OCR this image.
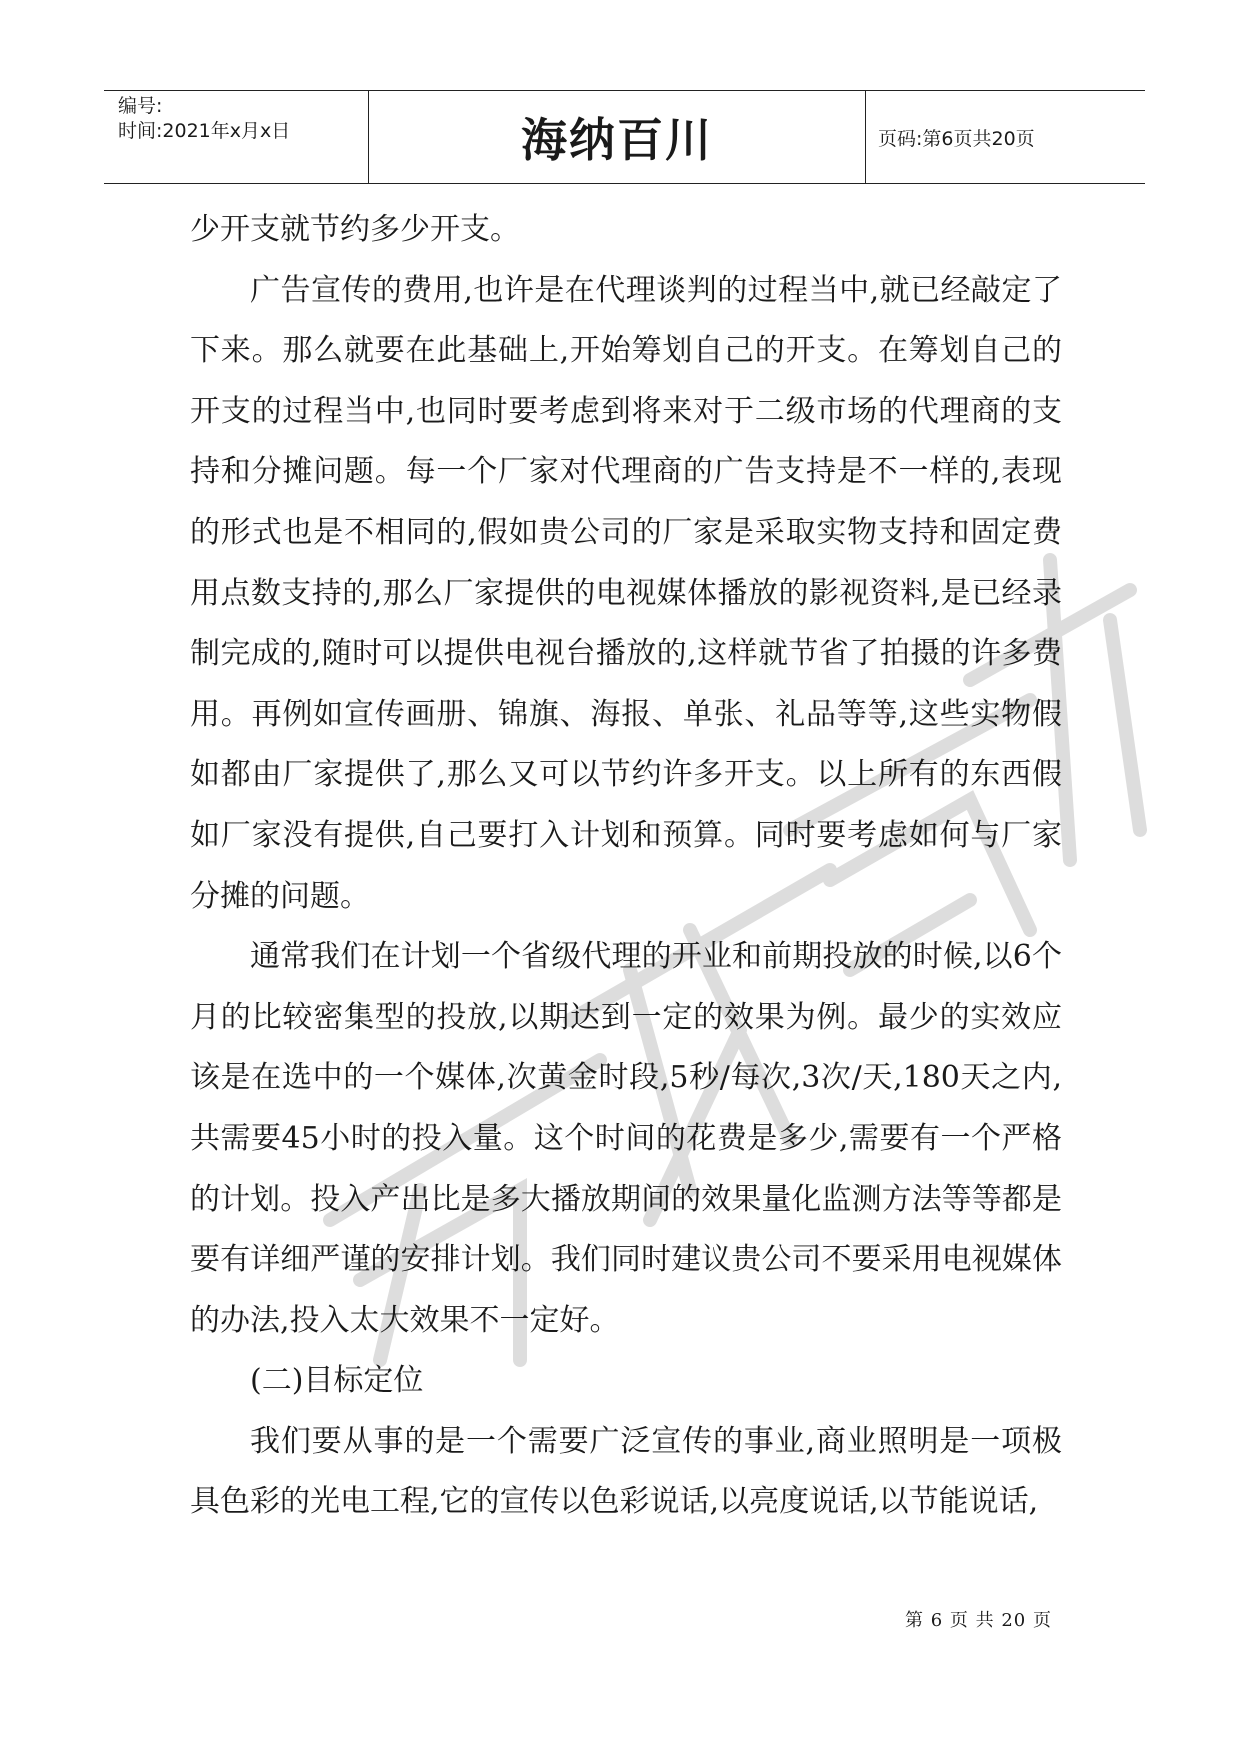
编号:
时间:2021年x月x日	海纳百川	页码:第6页共20页

少开支就节约多少开支。

广告宣传的费用,也许是在代理谈判的过程当中,就已经敲定了下来。那么就要在此基础上,开始筹划自己的开支。在筹划自己的开支的过程当中,也同时要考虑到将来对于二级市场的代理商的支持和分摊问题。每一个厂家对代理商的广告支持是不一样的,表现的形式也是不相同的,假如贵公司的厂家是采取实物支持和固定费用点数支持的,那么厂家提供的电视媒体播放的影视资料,是已经录制完成的,随时可以提供电视台播放的,这样就节省了拍摄的许多费用。再例如宣传画册、锦旗、海报、单张、礼品等等,这些实物假如都由厂家提供了,那么又可以节约许多开支。以上所有的东西假如厂家没有提供,自己要打入计划和预算。同时要考虑如何与厂家分摊的问题。

通常我们在计划一个省级代理的开业和前期投放的时候,以6个月的比较密集型的投放,以期达到一定的效果为例。最少的实效应该是在选中的一个媒体,次黄金时段,5秒/每次,3次/天,180天之内,共需要45小时的投入量。这个时间的花费是多少,需要有一个严格的计划。投入产出比是多大播放期间的效果量化监测方法等等都是要有详细严谨的安排计划。我们同时建议贵公司不要采用电视媒体的办法,投入太大效果不一定好。

(二)目标定位

我们要从事的是一个需要广泛宣传的事业,商业照明是一项极具色彩的光电工程,它的宣传以色彩说话,以亮度说话,以节能说话,

第 6 页 共 20 页
